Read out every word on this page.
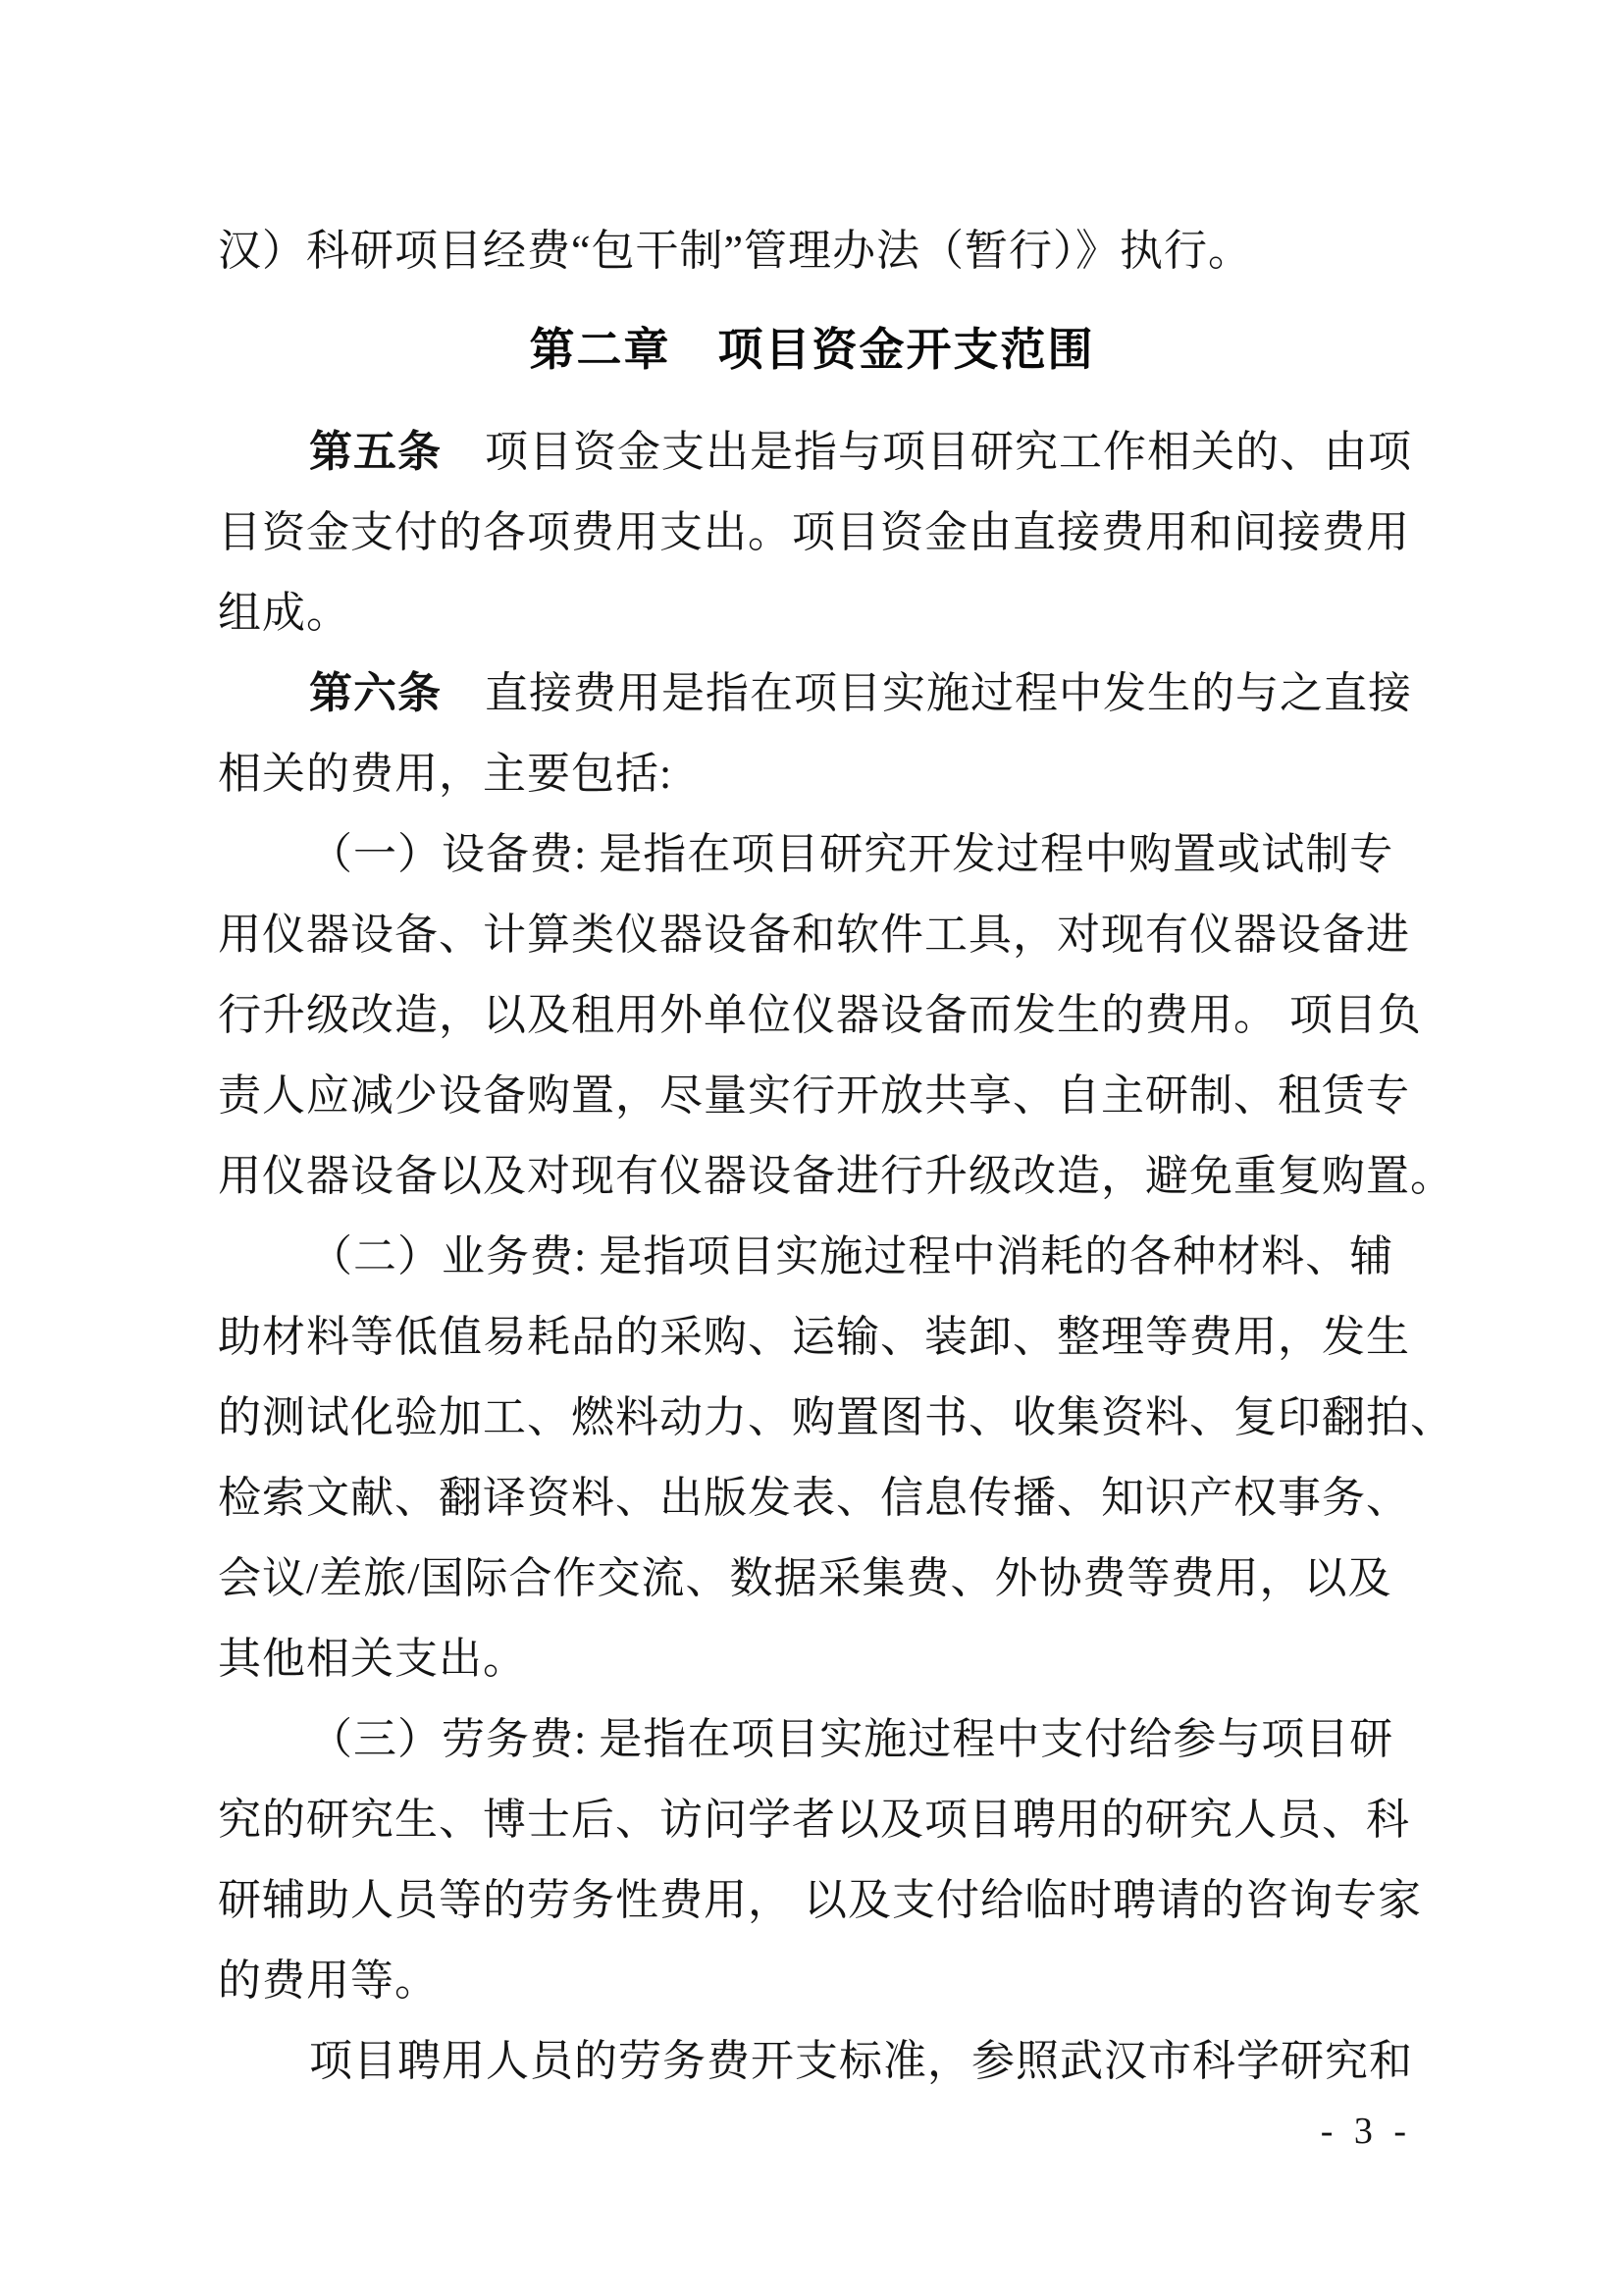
汉）科研项目经费“包干制”管理办法（暂行）》执行。
第二章　项目资金开支范围
第五条 项目资金支出是指与项目研究工作相关的、由项
目资金支付的各项费用支出。项目资金由直接费用和间接费用
组成。
第六条 直接费用是指在项目实施过程中发生的与之直接
相关的费用，主要包括:
（一）设备费: 是指在项目研究开发过程中购置或试制专
用仪器设备、计算类仪器设备和软件工具，对现有仪器设备进
行升级改造，以及租用外单位仪器设备而发生的费用。 项目负
责人应减少设备购置，尽量实行开放共享、自主研制、租赁专
用仪器设备以及对现有仪器设备进行升级改造，避免重复购置。
（二）业务费: 是指项目实施过程中消耗的各种材料、辅
助材料等低值易耗品的采购、运输、装卸、整理等费用，发生
的测试化验加工、燃料动力、购置图书、收集资料、复印翻拍、
检索文献、翻译资料、出版发表、信息传播、知识产权事务、
会议/差旅/国际合作交流、数据采集费、外协费等费用，以及
其他相关支出。
（三）劳务费: 是指在项目实施过程中支付给参与项目研
究的研究生、博士后、访问学者以及项目聘用的研究人员、科
研辅助人员等的劳务性费用， 以及支付给临时聘请的咨询专家
的费用等。
项目聘用人员的劳务费开支标准，参照武汉市科学研究和
- 3 -
